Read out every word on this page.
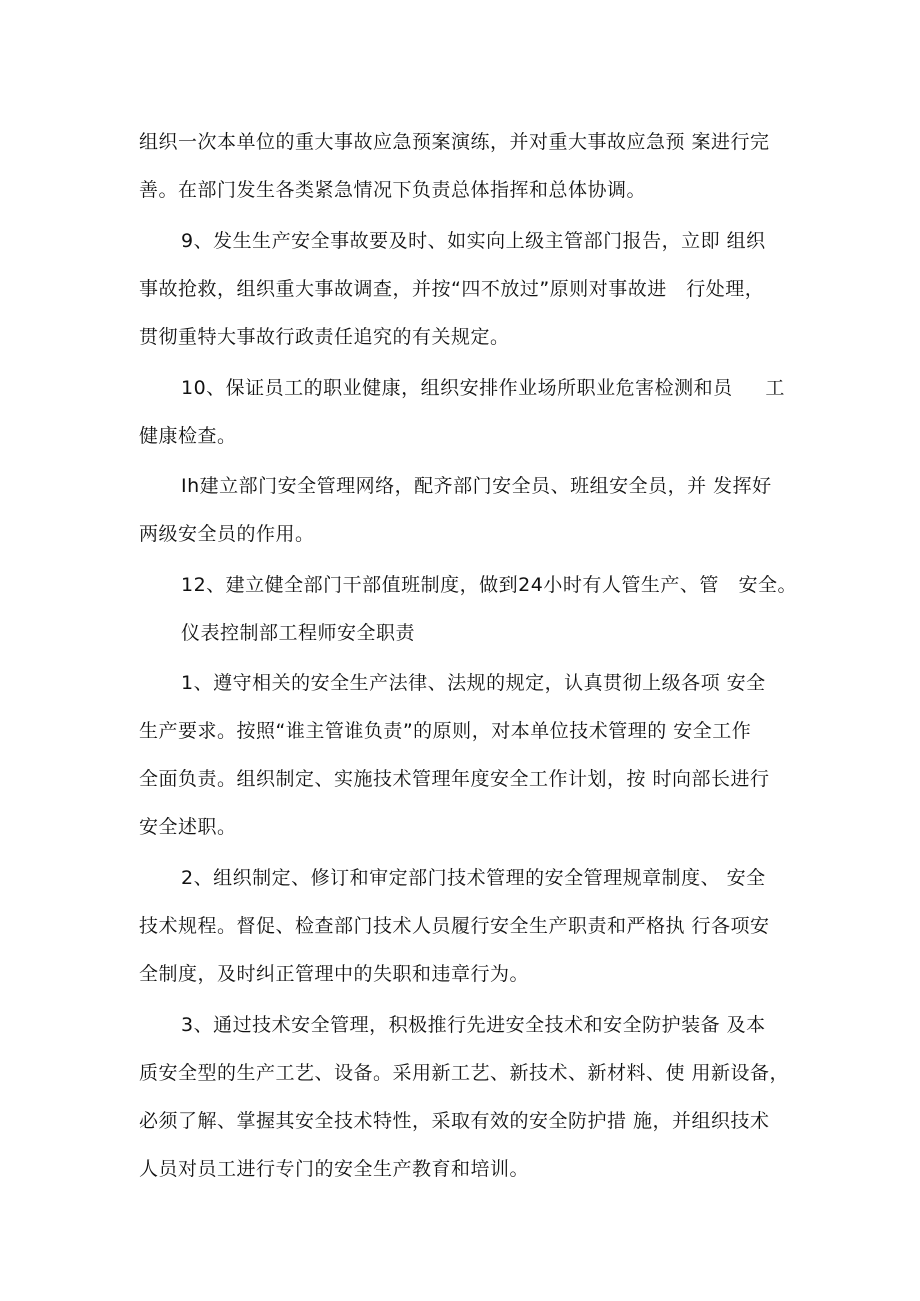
组织一次本单位的重大事故应急预案演练，并对重大事故应急预 案进行完
善。在部门发生各类紧急情况下负责总体指挥和总体协调。
9、发生生产安全事故要及时、如实向上级主管部门报告，立即 组织
事故抢救，组织重大事故调查，并按“四不放过”原则对事故进   行处理，
贯彻重特大事故行政责任追究的有关规定。
10、保证员工的职业健康，组织安排作业场所职业危害检测和员     工
健康检查。
Ih建立部门安全管理网络，配齐部门安全员、班组安全员，并 发挥好
两级安全员的作用。
12、建立健全部门干部值班制度，做到24小时有人管生产、管   安全。
仪表控制部工程师安全职责
1、遵守相关的安全生产法律、法规的规定，认真贯彻上级各项 安全
生产要求。按照“谁主管谁负责”的原则，对本单位技术管理的 安全工作
全面负责。组织制定、实施技术管理年度安全工作计划，按 时向部长进行
安全述职。
2、组织制定、修订和审定部门技术管理的安全管理规章制度、 安全
技术规程。督促、检查部门技术人员履行安全生产职责和严格执 行各项安
全制度，及时纠正管理中的失职和违章行为。
3、通过技术安全管理，积极推行先进安全技术和安全防护装备 及本
质安全型的生产工艺、设备。采用新工艺、新技术、新材料、使 用新设备，
必须了解、掌握其安全技术特性，采取有效的安全防护措 施，并组织技术
人员对员工进行专门的安全生产教育和培训。
